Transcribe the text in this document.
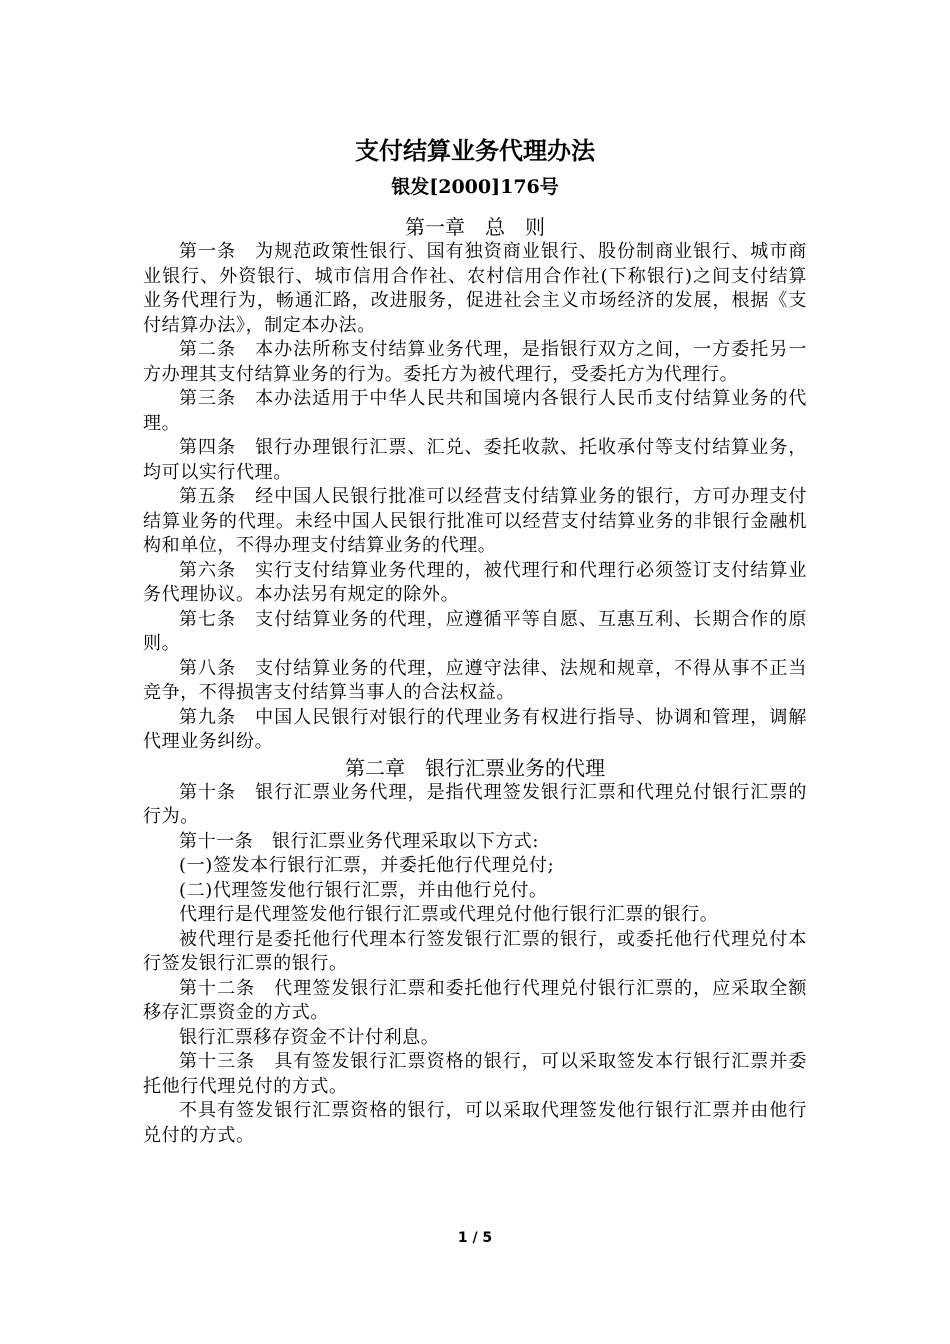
支付结算业务代理办法
银发[2000]176号
第一章　总　则

第一条　为规范政策性银行、国有独资商业银行、股份制商业银行、城市商业银行、外资银行、城市信用合作社、农村信用合作社(下称银行)之间支付结算业务代理行为，畅通汇路，改进服务，促进社会主义市场经济的发展，根据《支付结算办法》，制定本办法。

第二条　本办法所称支付结算业务代理，是指银行双方之间，一方委托另一方办理其支付结算业务的行为。委托方为被代理行，受委托方为代理行。

第三条　本办法适用于中华人民共和国境内各银行人民币支付结算业务的代理。

第四条　银行办理银行汇票、汇兑、委托收款、托收承付等支付结算业务，均可以实行代理。

第五条　经中国人民银行批准可以经营支付结算业务的银行，方可办理支付结算业务的代理。未经中国人民银行批准可以经营支付结算业务的非银行金融机构和单位，不得办理支付结算业务的代理。

第六条　实行支付结算业务代理的，被代理行和代理行必须签订支付结算业务代理协议。本办法另有规定的除外。

第七条　支付结算业务的代理，应遵循平等自愿、互惠互利、长期合作的原则。

第八条　支付结算业务的代理，应遵守法律、法规和规章，不得从事不正当竞争，不得损害支付结算当事人的合法权益。

第九条　中国人民银行对银行的代理业务有权进行指导、协调和管理，调解代理业务纠纷。

第二章　银行汇票业务的代理

第十条　银行汇票业务代理，是指代理签发银行汇票和代理兑付银行汇票的行为。

第十一条　银行汇票业务代理采取以下方式:

(一)签发本行银行汇票，并委托他行代理兑付;

(二)代理签发他行银行汇票，并由他行兑付。

代理行是代理签发他行银行汇票或代理兑付他行银行汇票的银行。

被代理行是委托他行代理本行签发银行汇票的银行，或委托他行代理兑付本行签发银行汇票的银行。

第十二条　代理签发银行汇票和委托他行代理兑付银行汇票的，应采取全额移存汇票资金的方式。

银行汇票移存资金不计付利息。

第十三条　具有签发银行汇票资格的银行，可以采取签发本行银行汇票并委托他行代理兑付的方式。

不具有签发银行汇票资格的银行，可以采取代理签发他行银行汇票并由他行兑付的方式。

1 / 5
